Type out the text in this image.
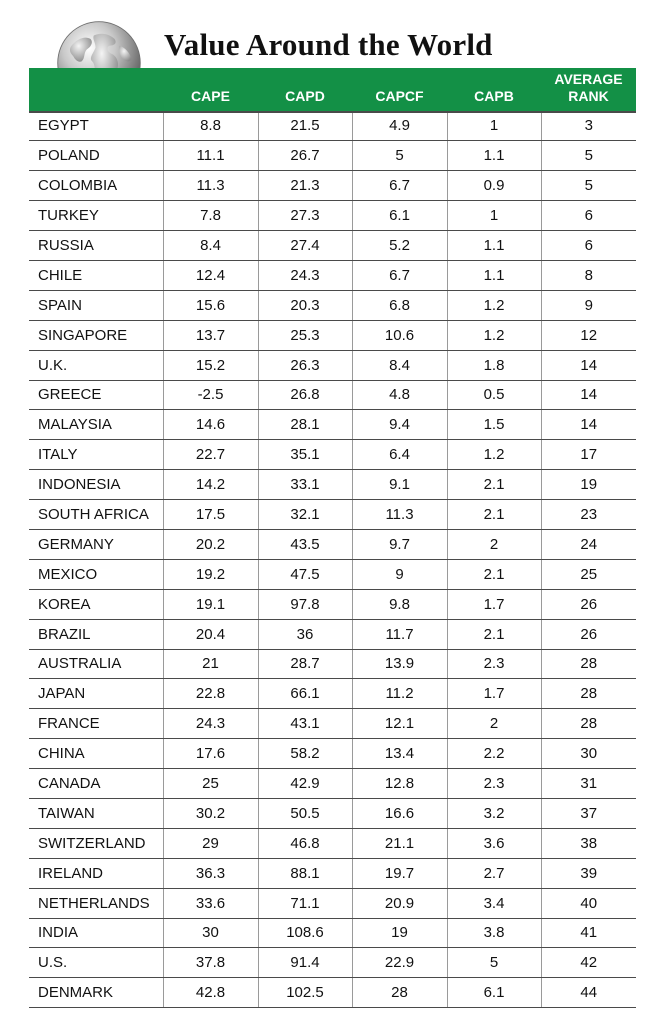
Value Around the World
	CAPE	CAPD	CAPCF	CAPB	AVERAGE
RANK
EGYPT	8.8	21.5	4.9	1	3
POLAND	11.1	26.7	5	1.1	5
COLOMBIA	11.3	21.3	6.7	0.9	5
TURKEY	7.8	27.3	6.1	1	6
RUSSIA	8.4	27.4	5.2	1.1	6
CHILE	12.4	24.3	6.7	1.1	8
SPAIN	15.6	20.3	6.8	1.2	9
SINGAPORE	13.7	25.3	10.6	1.2	12
U.K.	15.2	26.3	8.4	1.8	14
GREECE	-2.5	26.8	4.8	0.5	14
MALAYSIA	14.6	28.1	9.4	1.5	14
ITALY	22.7	35.1	6.4	1.2	17
INDONESIA	14.2	33.1	9.1	2.1	19
SOUTH AFRICA	17.5	32.1	11.3	2.1	23
GERMANY	20.2	43.5	9.7	2	24
MEXICO	19.2	47.5	9	2.1	25
KOREA	19.1	97.8	9.8	1.7	26
BRAZIL	20.4	36	11.7	2.1	26
AUSTRALIA	21	28.7	13.9	2.3	28
JAPAN	22.8	66.1	11.2	1.7	28
FRANCE	24.3	43.1	12.1	2	28
CHINA	17.6	58.2	13.4	2.2	30
CANADA	25	42.9	12.8	2.3	31
TAIWAN	30.2	50.5	16.6	3.2	37
SWITZERLAND	29	46.8	21.1	3.6	38
IRELAND	36.3	88.1	19.7	2.7	39
NETHERLANDS	33.6	71.1	20.9	3.4	40
INDIA	30	108.6	19	3.8	41
U.S.	37.8	91.4	22.9	5	42
DENMARK	42.8	102.5	28	6.1	44
